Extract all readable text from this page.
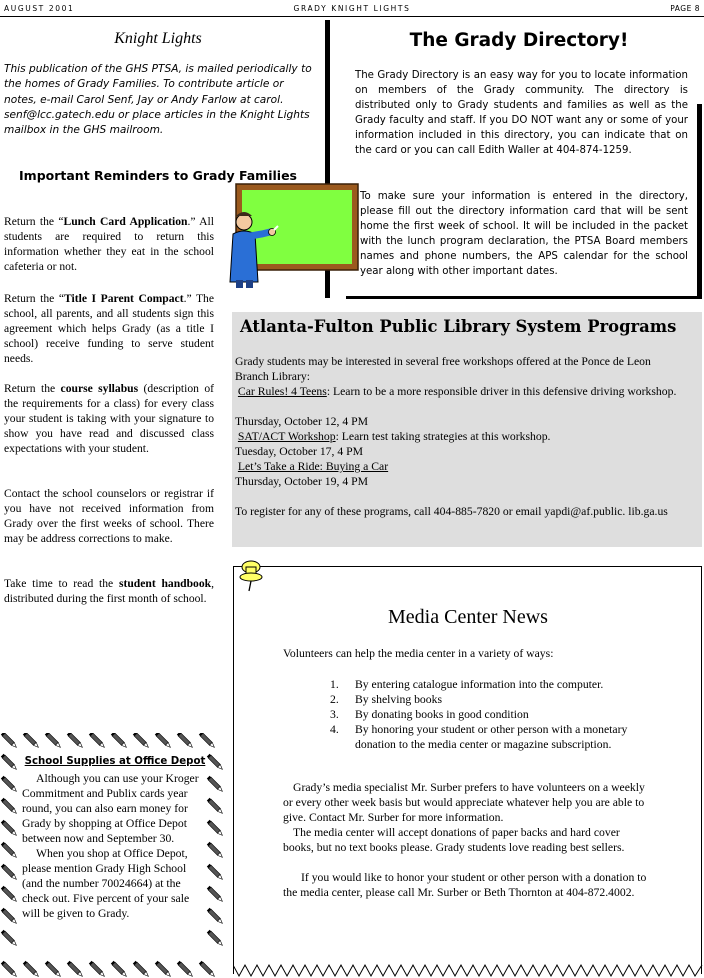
AUGUST 2001	GRADY KNIGHT LIGHTS	PAGE 8
Knight Lights
This publication of the GHS PTSA, is mailed periodically to the homes of Grady Families. To contribute article or notes, e-mail Carol Senf, Jay or Andy Farlow at carol. senf@lcc.gatech.edu or place articles in the Knight Lights mailbox in the GHS mailroom.
Important Reminders to Grady Families
Return the “Lunch Card Application.” All students are required to return this information whether they eat in the school cafeteria or not.
Return the “Title I Parent Compact.” The school, all parents, and all students sign this agreement which helps Grady (as a title I school) receive funding to serve student needs.
Return the course syllabus (description of the requirements for a class) for every class your student is taking with your signature to show you have read and discussed class expectations with your student.
Contact the school counselors or registrar if you have not received information from Grady over the first weeks of school. There may be address corrections to make.
Take time to read the student handbook, distributed during the first month of school.
The Grady Directory!
The Grady Directory is an easy way for you to locate information on members of the Grady community. The directory is distributed only to Grady students and families as well as the Grady faculty and staff. If you DO NOT want any or some of your information included in this directory, you can indicate that on the card or you can call Edith Waller at 404-874-1259.
To make sure your information is entered in the directory, please fill out the directory information card that will be sent home the first week of school. It will be included in the packet with the lunch program declaration, the PTSA Board members names and phone numbers, the APS calendar for the school year along with other important dates.
Atlanta-Fulton Public Library System Programs
Grady students may be interested in several free workshops offered at the Ponce de Leon Branch Library:
Car Rules! 4 Teens: Learn to be a more responsible driver in this defensive driving workshop.
Thursday, October 12, 4 PM
SAT/ACT Workshop: Learn test taking strategies at this workshop.
Tuesday, October 17, 4 PM
Let’s Take a Ride: Buying a Car
Thursday, October 19, 4 PM
To register for any of these programs, call 404-885-7820 or email yapdi@af.public. lib.ga.us
Media Center News
Volunteers can help the media center in a variety of ways:
1. By entering catalogue information into the computer.
2. By shelving books
3. By donating books in good condition
4. By honoring your student or other person with a monetary donation to the media center or magazine subscription.
Grady’s media specialist Mr. Surber prefers to have volunteers on a weekly or every other week basis but would appreciate whatever help you are able to give. Contact Mr. Surber for more information.
The media center will accept donations of paper backs and hard cover books, but no text books please. Grady students love reading best sellers.
If you would like to honor your student or other person with a donation to the media center, please call Mr. Surber or Beth Thornton at 404-872.4002.
School Supplies at Office Depot
Although you can use your Kroger Commitment and Publix cards year round, you can also earn money for Grady by shopping at Office Depot between now and September 30.
When you shop at Office Depot, please mention Grady High School (and the number 70024664) at the check out. Five percent of your sale will be given to Grady.
